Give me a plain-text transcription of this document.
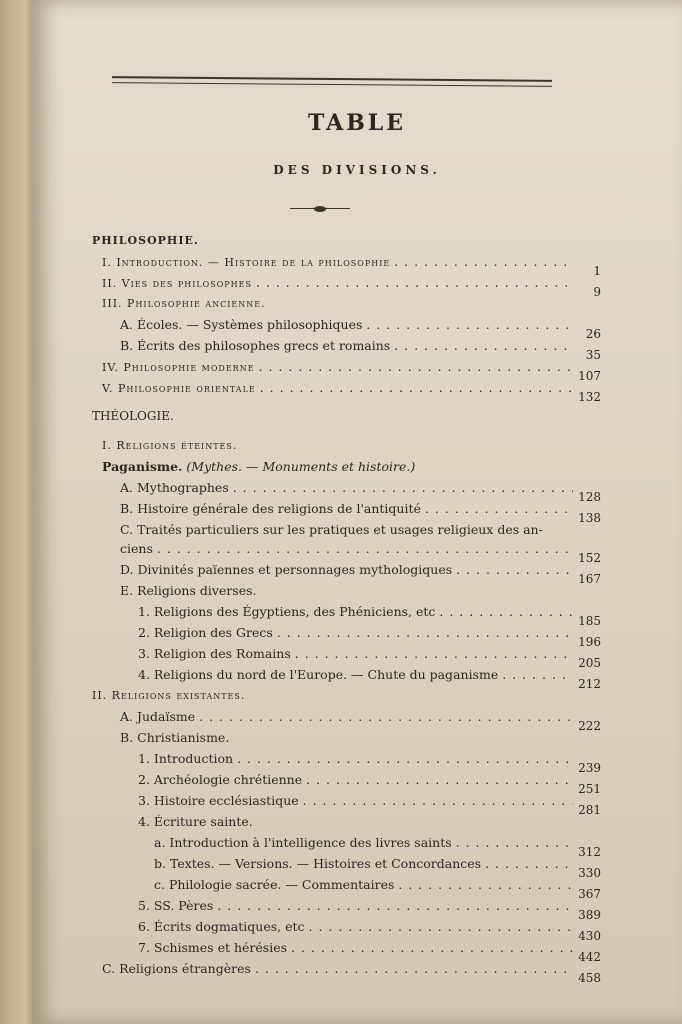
TABLE
DES DIVISIONS.
PHILOSOPHIE.
I. Introduction. — Histoire de la philosophie
. . .
1
II. Vies des philosophes
. . .
9
III. Philosophie ancienne.
A. Écoles. — Systèmes philosophiques
. . .
26
B. Écrits des philosophes grecs et romains
. . .
35
IV. Philosophie moderne
. . .
107
V. Philosophie orientale
. . .
132
THÉOLOGIE.
I. Religions éteintes.
Paganisme. (Mythes. — Monuments et histoire.)
A. Mythographes
. . .
128
B. Histoire générale des religions de l'antiquité
. . .
138
C. Traités particuliers sur les pratiques et usages religieux des an-
ciens
. . .
152
D. Divinités païennes et personnages mythologiques
. . .
167
E. Religions diverses.
1. Religions des Égyptiens, des Phéniciens, etc
. . .
185
2. Religion des Grecs
. . .
196
3. Religion des Romains
. . .
205
4. Religions du nord de l'Europe. — Chute du paganisme
. . .
212
II. Religions existantes.
A. Judaïsme
. . .
222
B. Christianisme.
1. Introduction
. . .
239
2. Archéologie chrétienne
. . .
251
3. Histoire ecclésiastique
. . .
281
4. Écriture sainte.
a. Introduction à l'intelligence des livres saints
. . .
312
b. Textes. — Versions. — Histoires et Concordances
. . .
330
c. Philologie sacrée. — Commentaires
. . .
367
5. SS. Pères
. . .
389
6. Écrits dogmatiques, etc
. . .
430
7. Schismes et hérésies
. . .
442
C. Religions étrangères
. . .
458
